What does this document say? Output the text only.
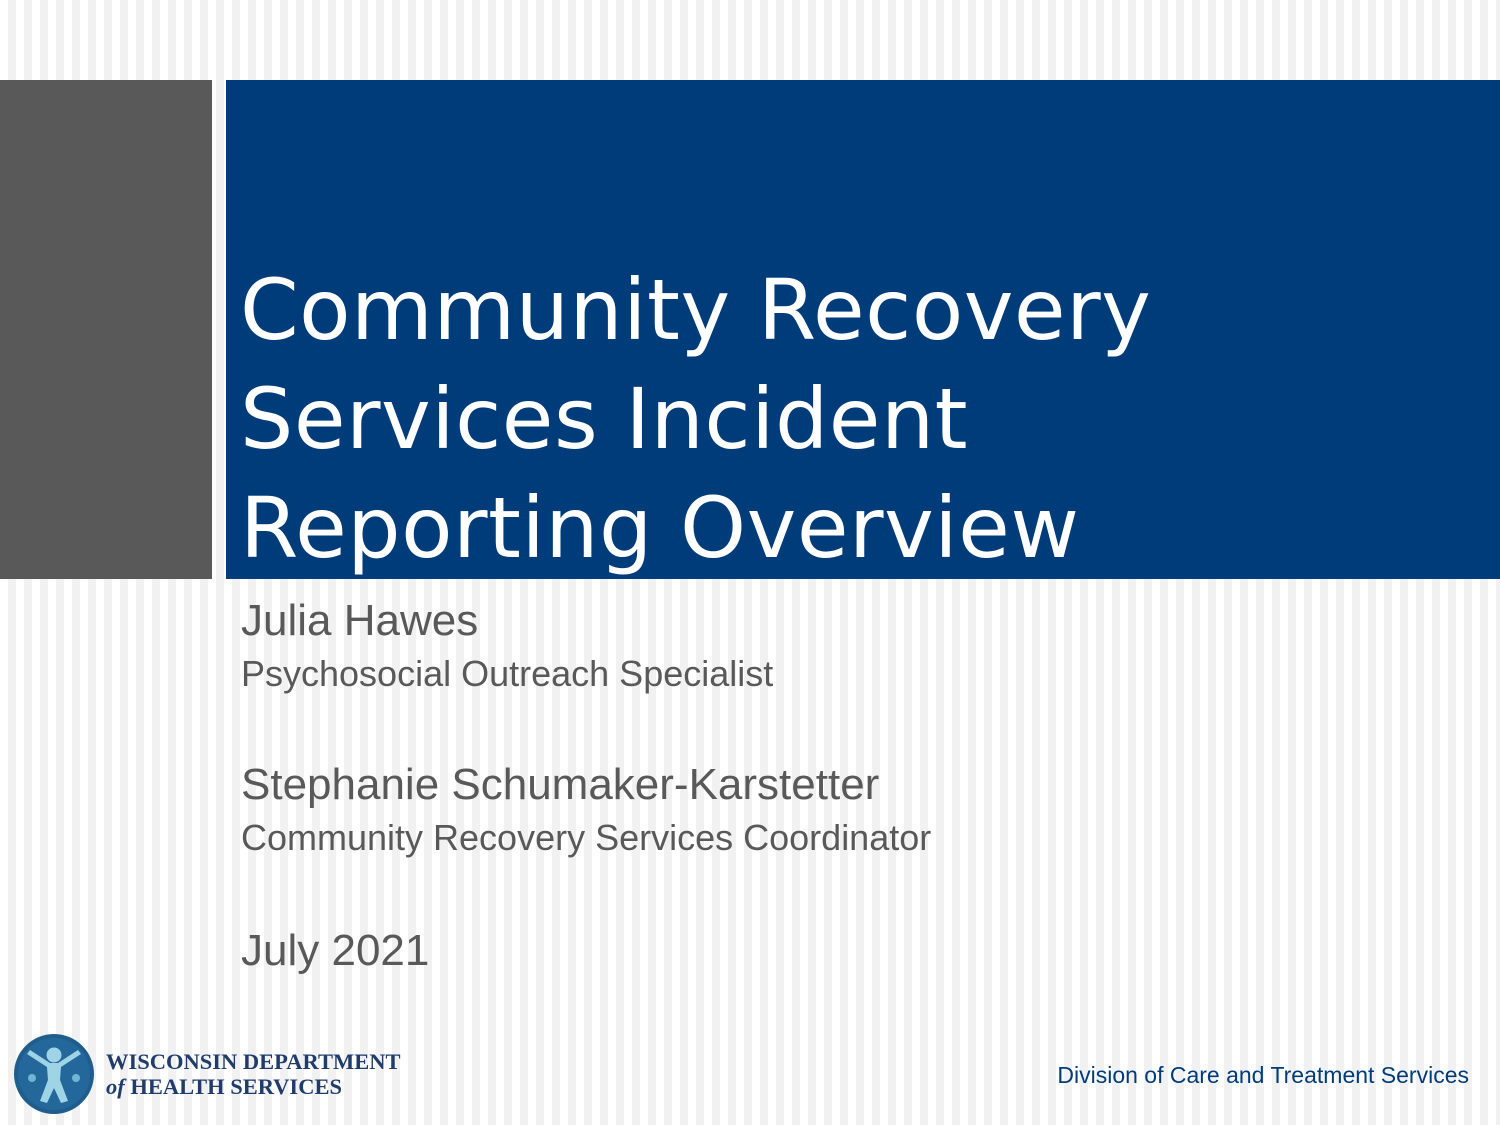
Community Recovery
Services Incident
Reporting Overview

Julia Hawes
Psychosocial Outreach Specialist

Stephanie Schumaker-Karstetter
Community Recovery Services Coordinator

July 2021
WISCONSIN DEPARTMENT
of HEALTH SERVICES	Division of Care and Treatment Services
